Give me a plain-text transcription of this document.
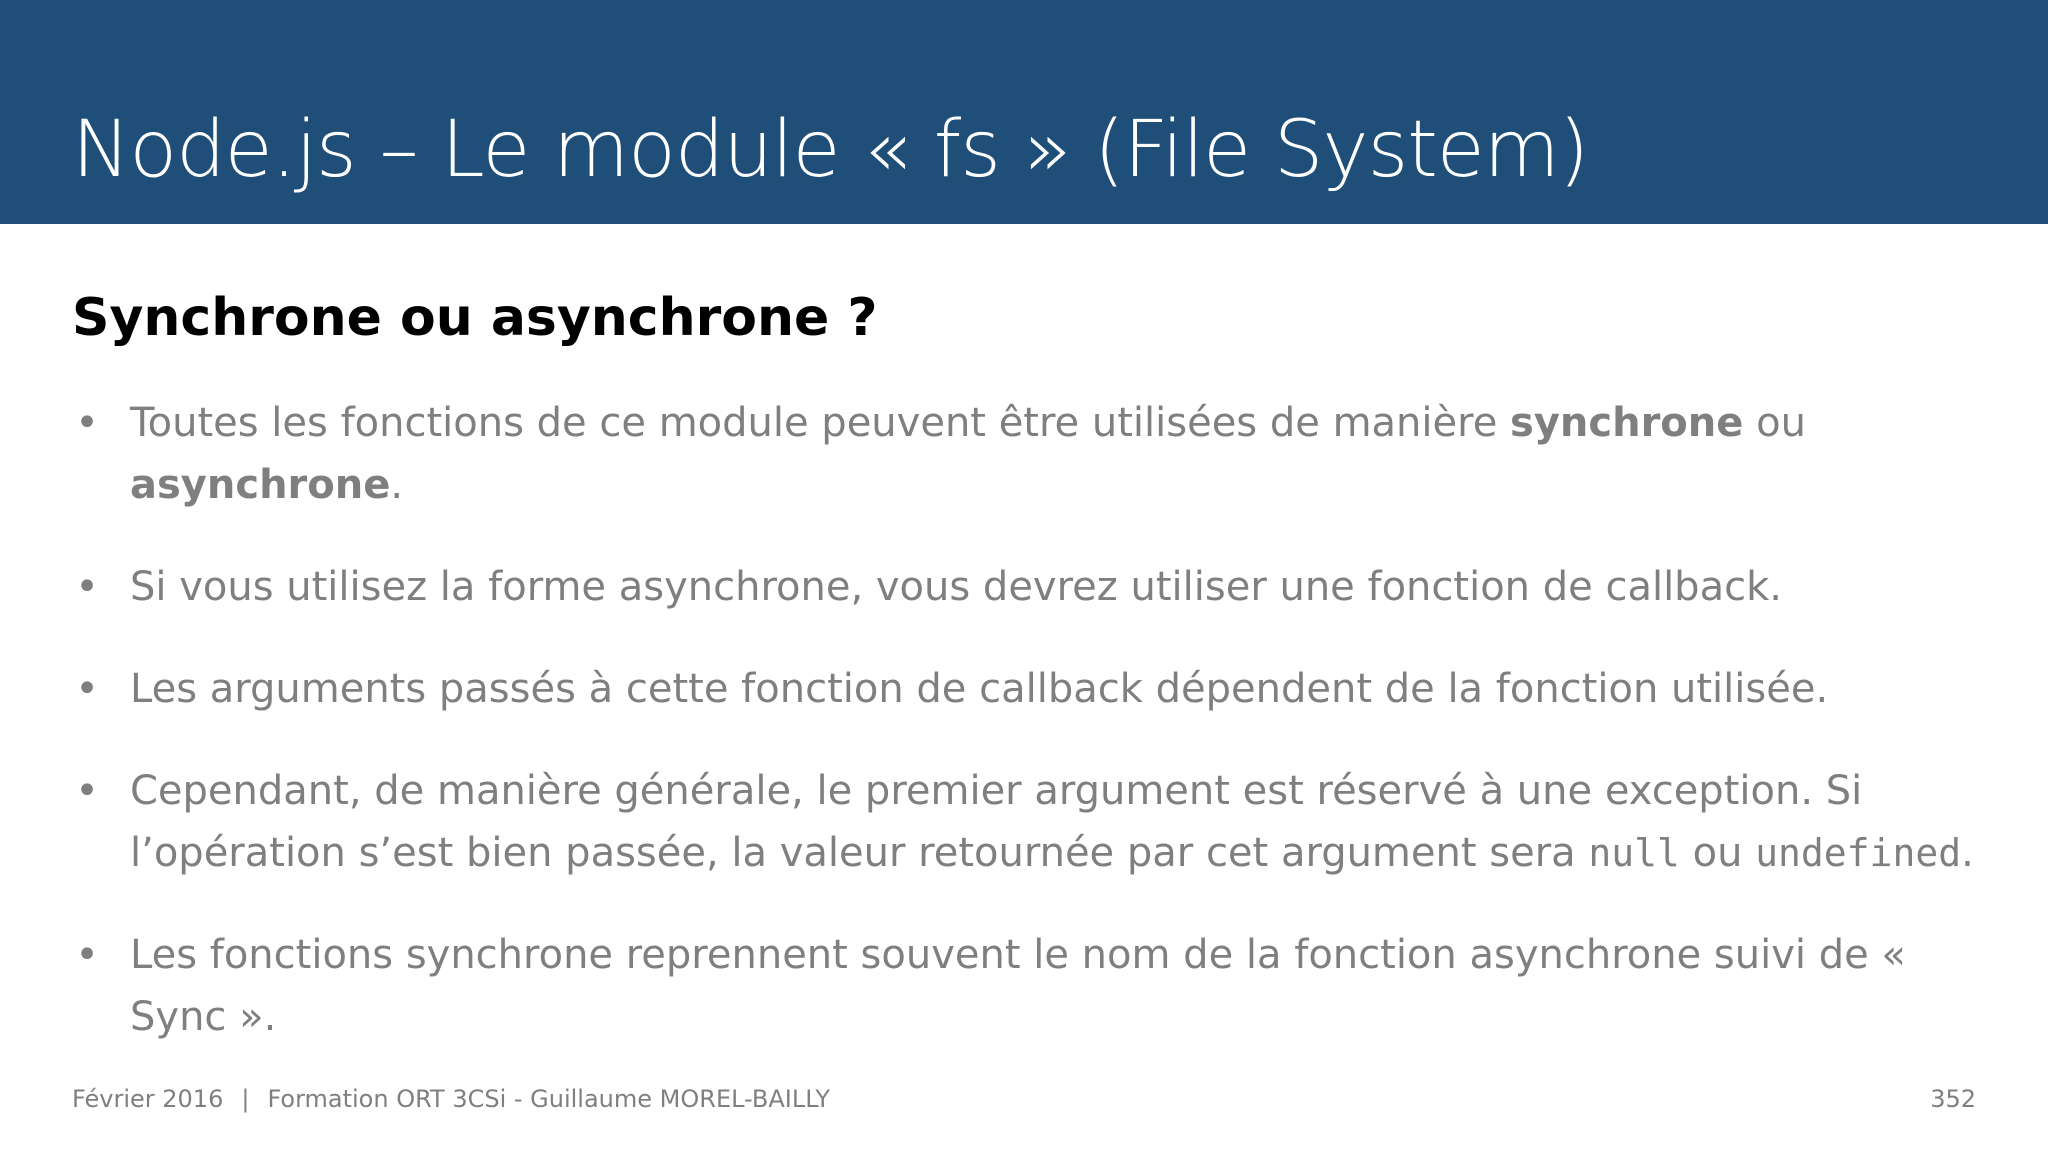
Node.js – Le module « fs » (File System)
Synchrone ou asynchrone ?
• Toutes les fonctions de ce module peuvent être utilisées de manière synchrone ou asynchrone.
• Si vous utilisez la forme asynchrone, vous devrez utiliser une fonction de callback.
• Les arguments passés à cette fonction de callback dépendent de la fonction utilisée.
• Cependant, de manière générale, le premier argument est réservé à une exception. Si l’opération s’est bien passée, la valeur retournée par cet argument sera null ou undefined.
• Les fonctions synchrone reprennent souvent le nom de la fonction asynchrone suivi de « Sync ».
Février 2016 | Formation ORT 3CSi - Guillaume MOREL-BAILLY	352
